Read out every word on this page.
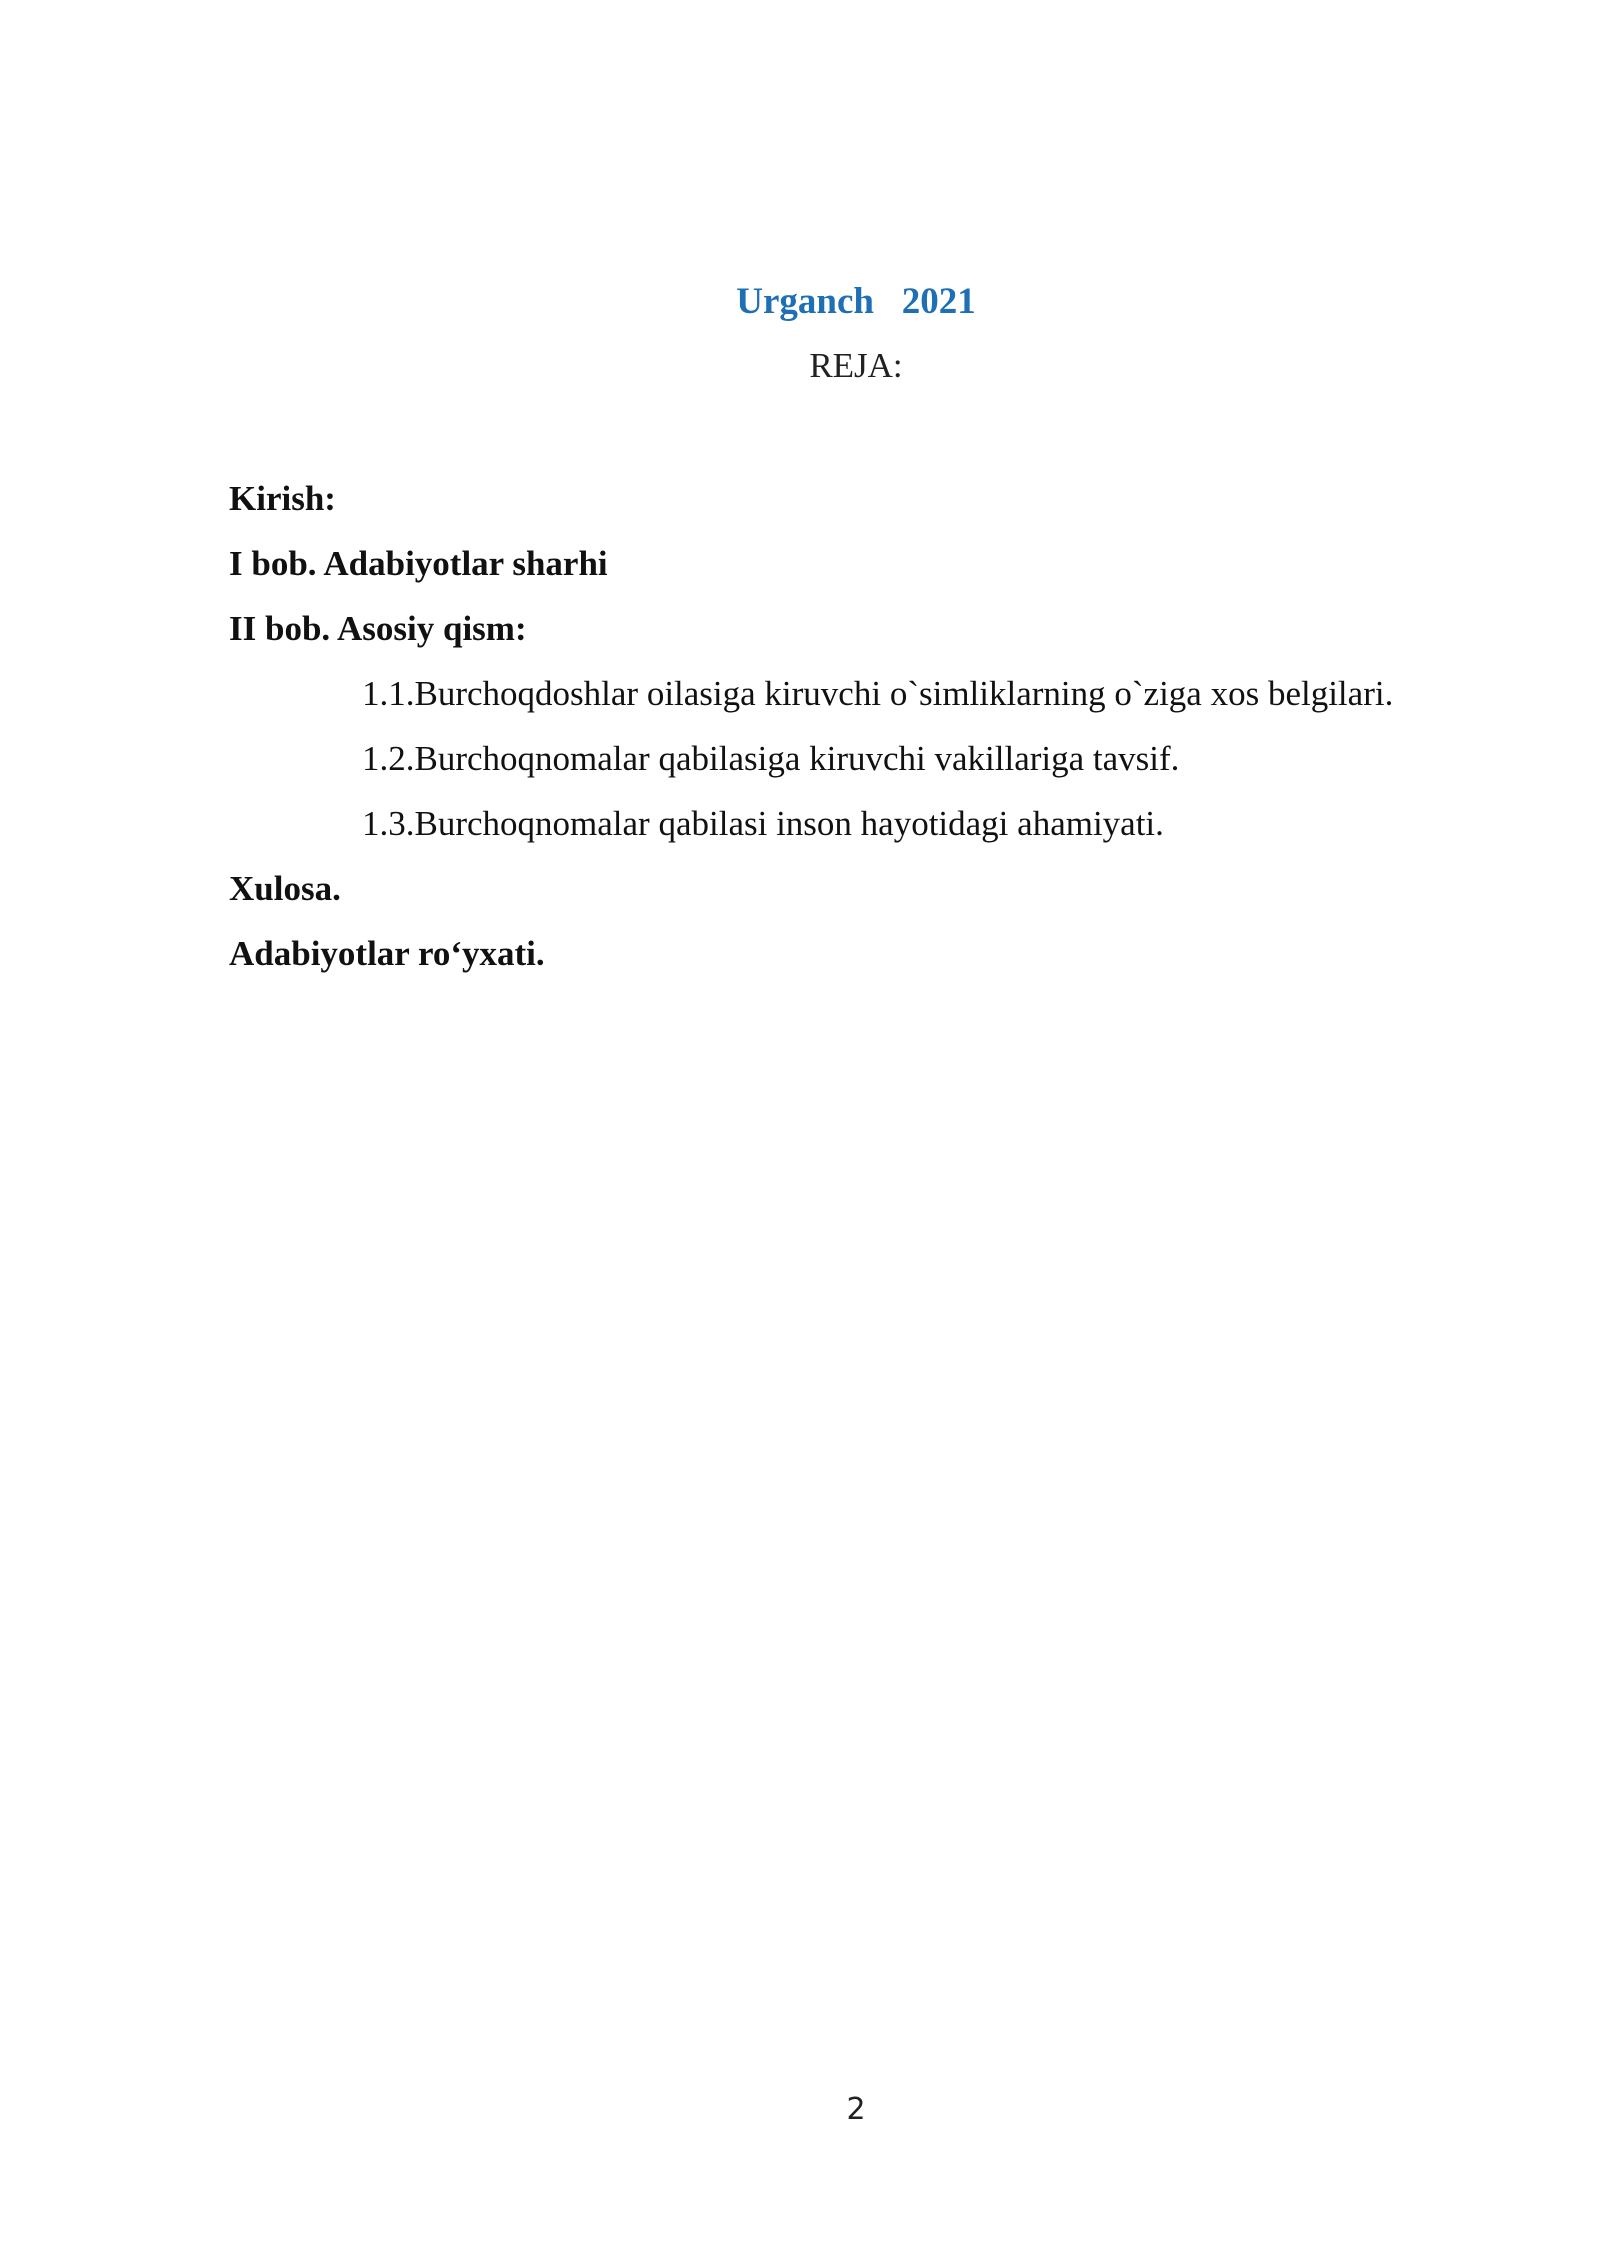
Urganch   2021
REJA:
Kirish:
I bob. Adabiyotlar sharhi
II bob. Asosiy qism:
1.1.Burchoqdoshlar oilasiga kiruvchi o`simliklarning o`ziga xos belgilari.
1.2.Burchoqnomalar qabilasiga kiruvchi vakillariga tavsif.
1.3.Burchoqnomalar qabilasi inson hayotidagi ahamiyati.
Xulosa.
Adabiyotlar ro‘yxati.
2
